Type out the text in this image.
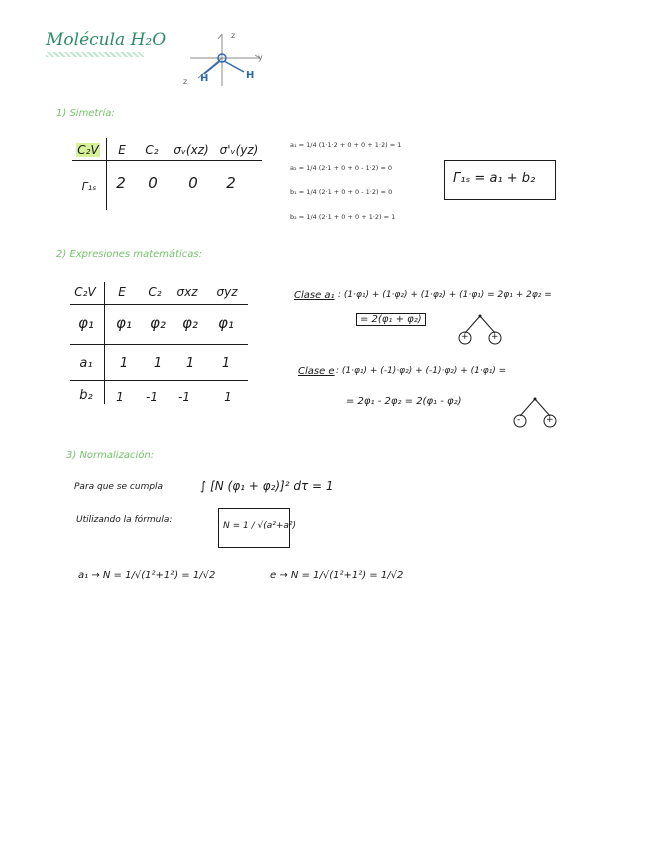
Molécula H₂O	z
y
z H	H
1) Simetría:
C₂V	E	C₂ σᵥ(xz) σ'ᵥ(yz)
Γ₁ₛ	2 0 0 2
a₁ = 1/4 (1·1·2 + 0 + 0 + 1·2) = 1
a₂ = 1/4 (2·1 + 0 + 0 - 1·2) = 0
b₁ = 1/4 (2·1 + 0 + 0 - 1·2) = 0
b₂ = 1/4 (2·1 + 0 + 0 + 1·2) = 1
Γ₁ₛ = a₁ + b₂
2) Expresiones matemáticas:
C₂V	E	C₂	σxz	σyz
φ₁ φ₁ φ₂ φ₂ φ₁
a₁	1	1	1	1
b₂	1	-1	-1	1
Clase a₁ : (1·φ₁) + (1·φ₂) + (1·φ₂) + (1·φ₁) = 2φ₁ + 2φ₂ =
= 2(φ₁ + φ₂)
+ +
Clase e : (1·φ₁) + (-1)·φ₂) + (-1)·φ₂) + (1·φ₁) =
= 2φ₁ - 2φ₂ = 2(φ₁ - φ₂)
-	+
3) Normalización:
Para que se cumpla	∫ [N (φ₁ + φ₂)]² dτ = 1
Utilizando la fórmula:
N = 1 / √(a²+a²)
a₁ → N = 1/√(1²+1²) = 1/√2	e → N = 1/√(1²+1²) = 1/√2
